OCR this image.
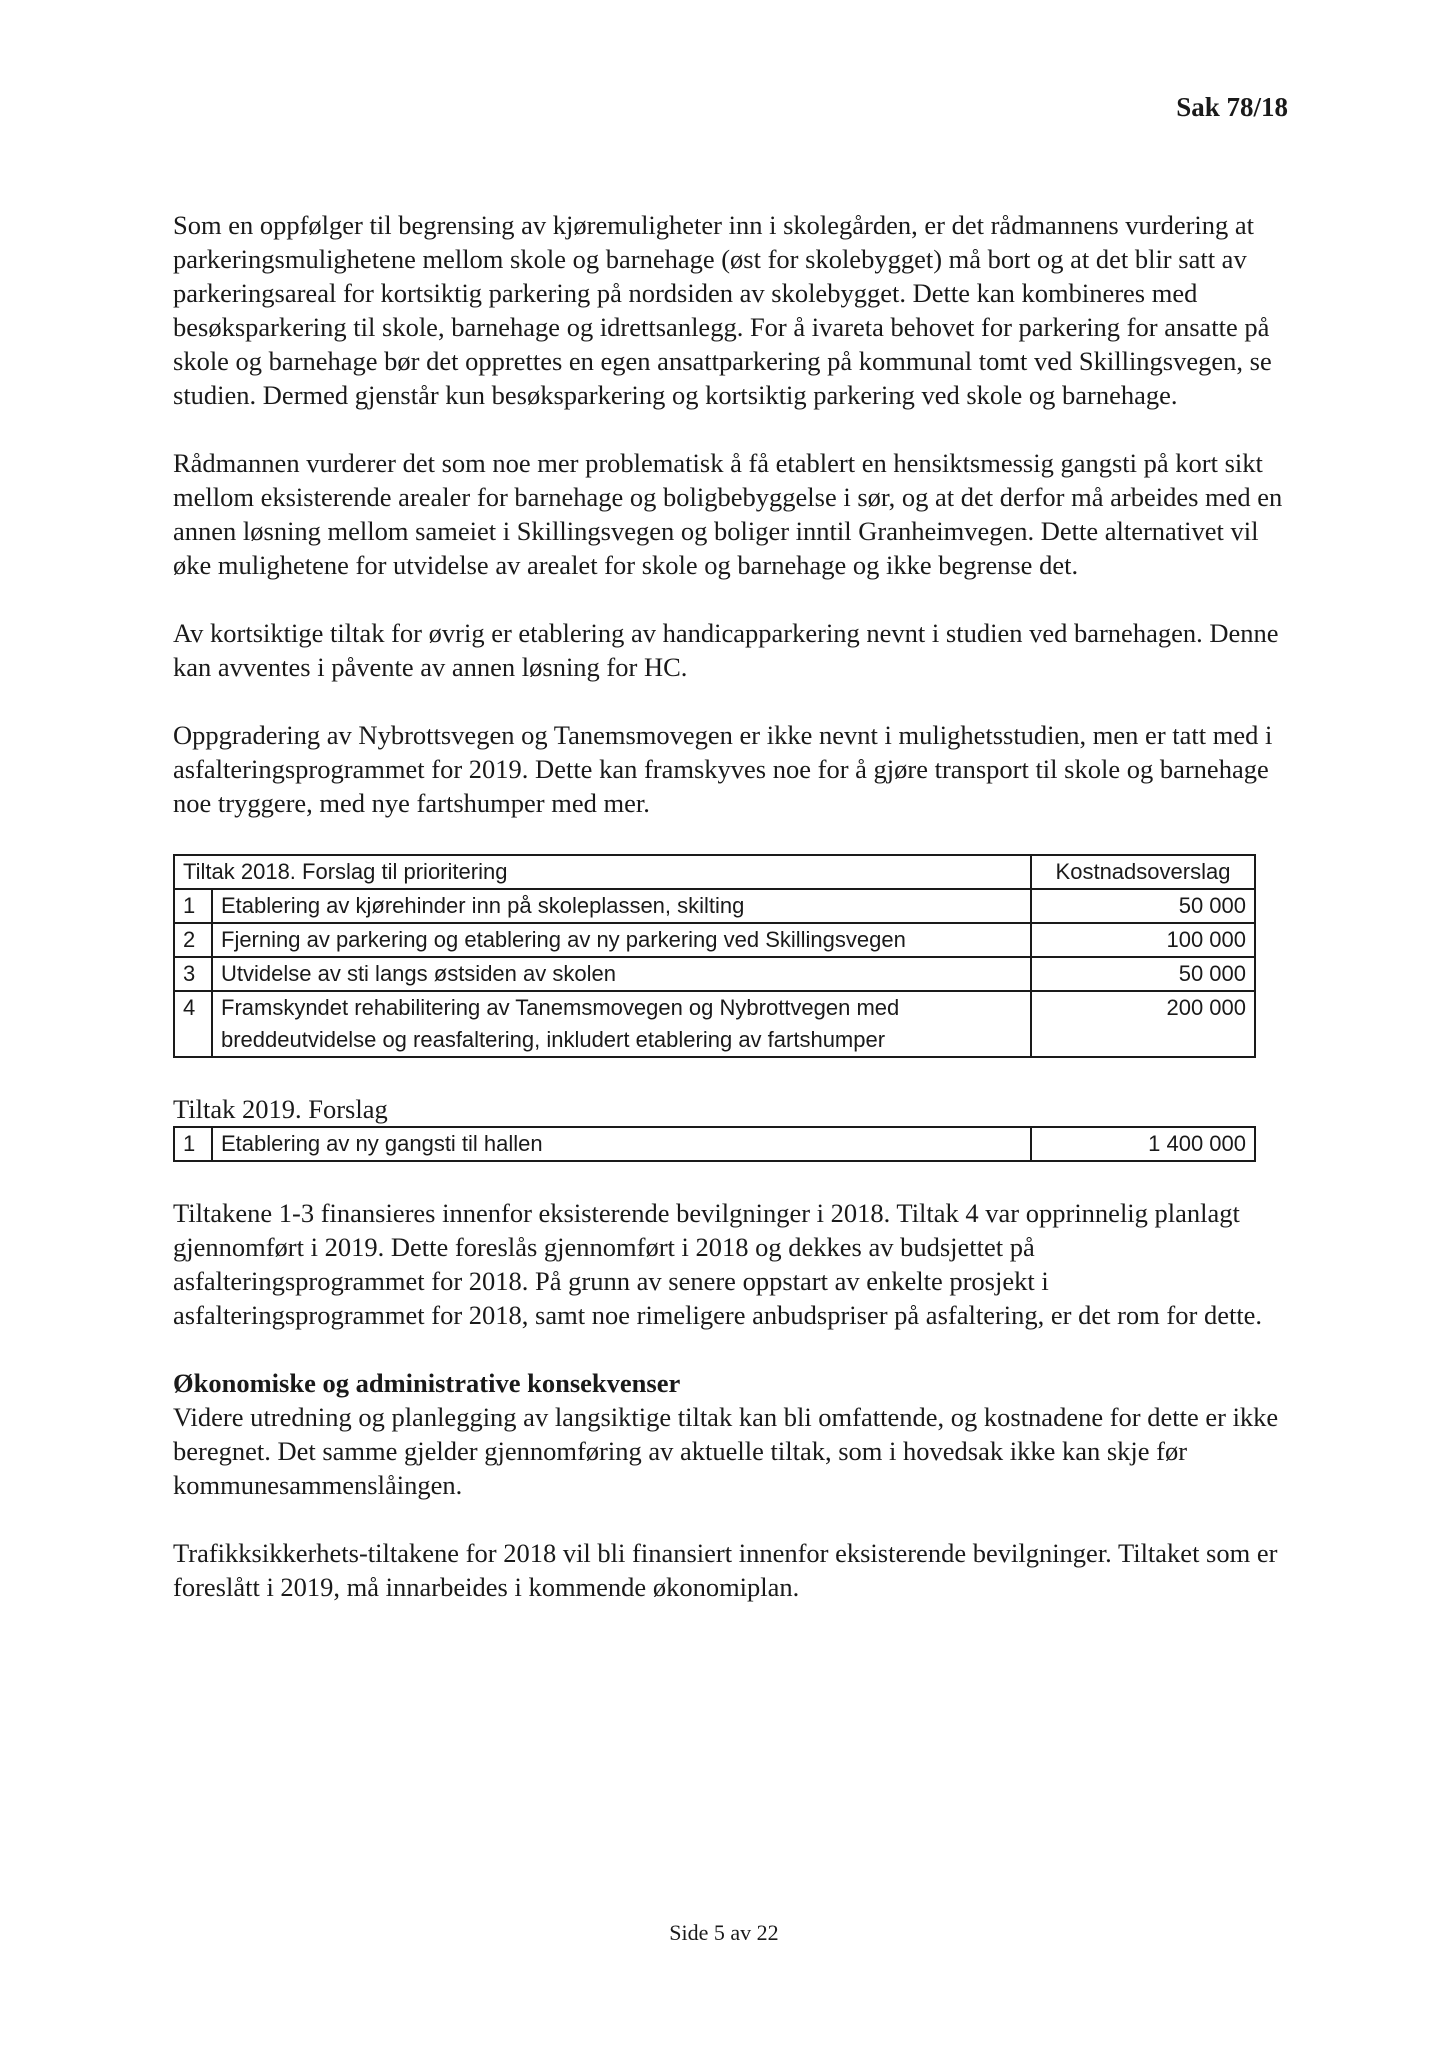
Sak 78/18

Som en oppfølger til begrensing av kjøremuligheter inn i skolegården, er det rådmannens vurdering at parkeringsmulighetene mellom skole og barnehage (øst for skolebygget) må bort og at det blir satt av parkeringsareal for kortsiktig parkering på nordsiden av skolebygget. Dette kan kombineres med besøksparkering til skole, barnehage og idrettsanlegg. For å ivareta behovet for parkering for ansatte på skole og barnehage bør det opprettes en egen ansattparkering på kommunal tomt ved Skillingsvegen, se studien. Dermed gjenstår kun besøksparkering og kortsiktig parkering ved skole og barnehage.

Rådmannen vurderer det som noe mer problematisk å få etablert en hensiktsmessig gangsti på kort sikt mellom eksisterende arealer for barnehage og boligbebyggelse i sør, og at det derfor må arbeides med en annen løsning mellom sameiet i Skillingsvegen og boliger inntil Granheimvegen. Dette alternativet vil øke mulighetene for utvidelse av arealet for skole og barnehage og ikke begrense det.

Av kortsiktige tiltak for øvrig er etablering av handicapparkering nevnt i studien ved barnehagen. Denne kan avventes i påvente av annen løsning for HC.

Oppgradering av Nybrottsvegen og Tanemsmovegen er ikke nevnt i mulighetsstudien, men er tatt med i asfalteringsprogrammet for 2019. Dette kan framskyves noe for å gjøre transport til skole og barnehage noe tryggere, med nye fartshumper med mer.

Tiltak 2018. Forslag til prioritering		Kostnadsoverslag
1	Etablering av kjørehinder inn på skoleplassen, skilting	50 000
2	Fjerning av parkering og etablering av ny parkering ved Skillingsvegen	100 000
3	Utvidelse av sti langs østsiden av skolen	50 000
4	Framskyndet rehabilitering av Tanemsmovegen og Nybrottvegen med breddeutvidelse og reasfaltering, inkludert etablering av fartshumper	200 000

Tiltak 2019. Forslag

1	Etablering av ny gangsti til hallen	1 400 000

Tiltakene 1-3 finansieres innenfor eksisterende bevilgninger i 2018. Tiltak 4 var opprinnelig planlagt gjennomført i 2019. Dette foreslås gjennomført i 2018 og dekkes av budsjettet på asfalteringsprogrammet for 2018. På grunn av senere oppstart av enkelte prosjekt i asfalteringsprogrammet for 2018, samt noe rimeligere anbudspriser på asfaltering, er det rom for dette.

Økonomiske og administrative konsekvenser

Videre utredning og planlegging av langsiktige tiltak kan bli omfattende, og kostnadene for dette er ikke beregnet. Det samme gjelder gjennomføring av aktuelle tiltak, som i hovedsak ikke kan skje før kommunesammenslåingen.

Trafikksikkerhets-tiltakene for 2018 vil bli finansiert innenfor eksisterende bevilgninger. Tiltaket som er foreslått i 2019, må innarbeides i kommende økonomiplan.

Side 5 av 22
